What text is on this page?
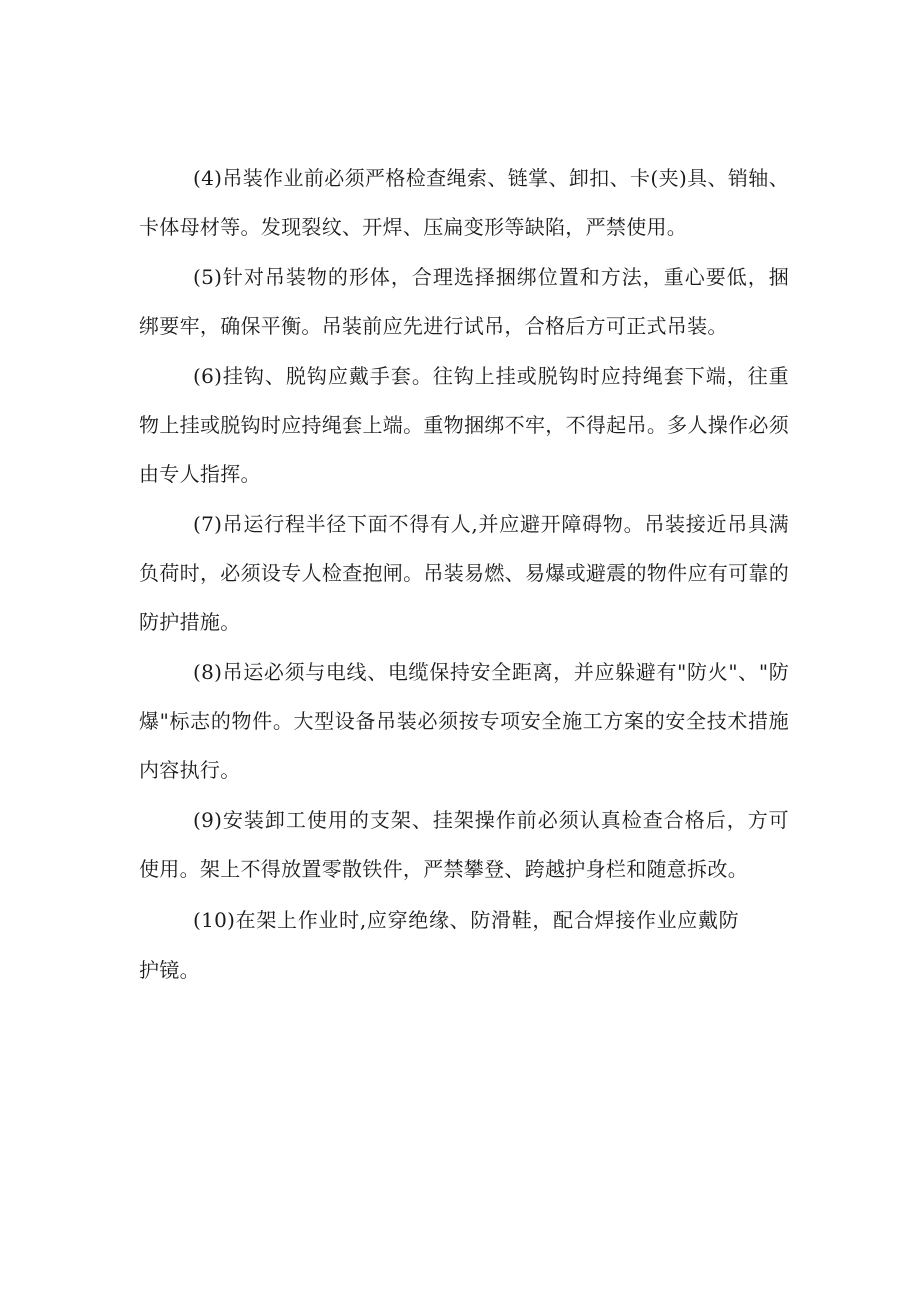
(4)吊装作业前必须严格检查绳索、链掌、卸扣、卡(夹)具、销轴、卡体母材等。发现裂纹、开焊、压扁变形等缺陷，严禁使用。

(5)针对吊装物的形体，合理选择捆绑位置和方法，重心要低，捆绑要牢，确保平衡。吊装前应先进行试吊，合格后方可正式吊装。

(6)挂钩、脱钩应戴手套。往钩上挂或脱钩时应持绳套下端，往重物上挂或脱钩时应持绳套上端。重物捆绑不牢，不得起吊。多人操作必须由专人指挥。

(7)吊运行程半径下面不得有人,并应避开障碍物。吊装接近吊具满负荷时，必须设专人检查抱闸。吊装易燃、易爆或避震的物件应有可靠的防护措施。

(8)吊运必须与电线、电缆保持安全距离，并应躲避有"防火"、"防爆"标志的物件。大型设备吊装必须按专项安全施工方案的安全技术措施内容执行。

(9)安装卸工使用的支架、挂架操作前必须认真检查合格后，方可使用。架上不得放置零散铁件，严禁攀登、跨越护身栏和随意拆改。

(10)在架上作业时,应穿绝缘、防滑鞋，配合焊接作业应戴防护镜。
